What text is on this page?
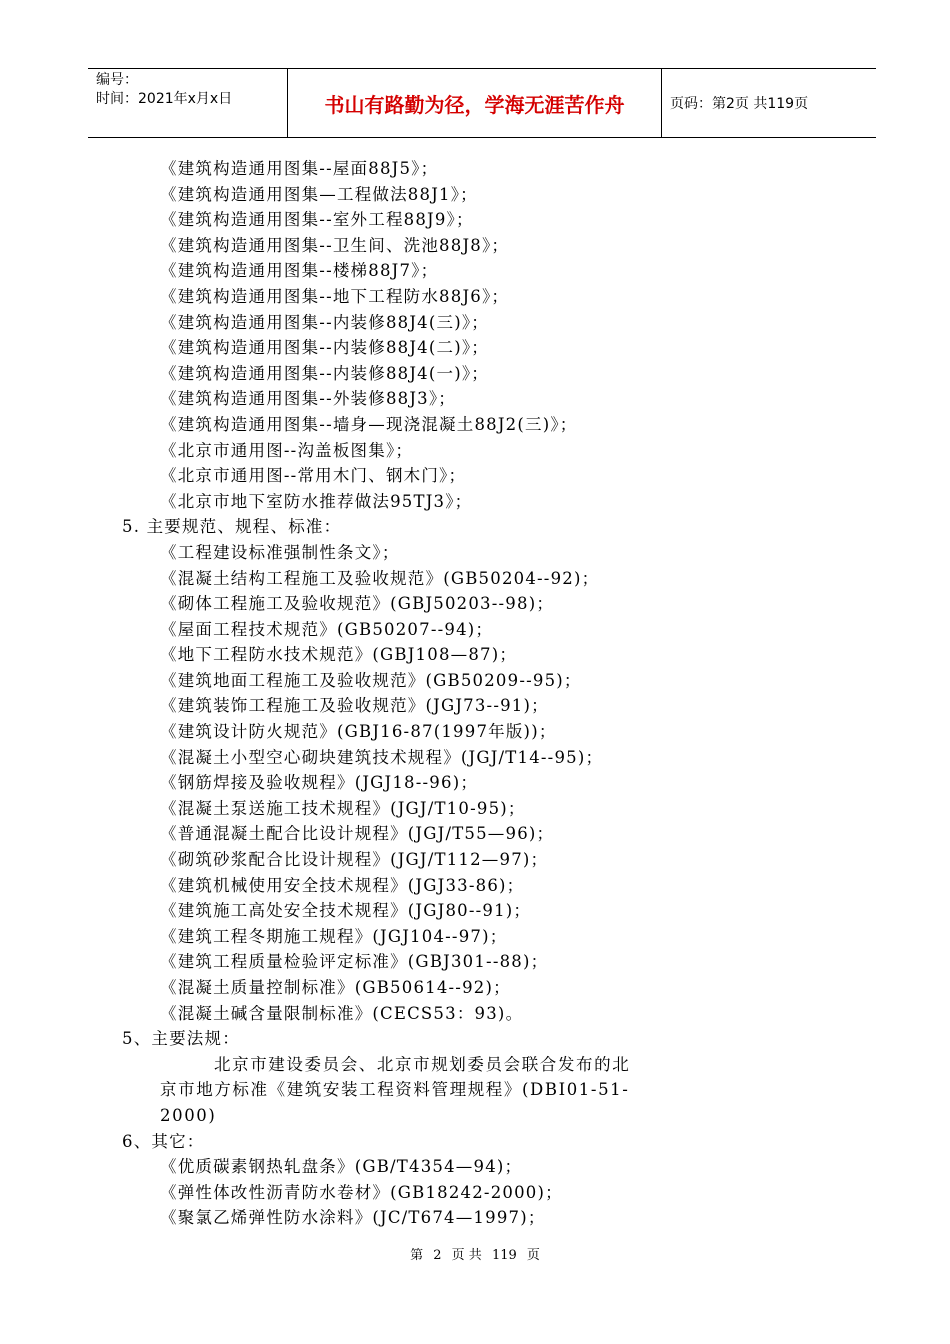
编号：
时间：2021年x月x日	书山有路勤为径，学海无涯苦作舟	页码：第2页 共119页
《建筑构造通用图集--屋面88J5》；
《建筑构造通用图集—工程做法88J1》；
《建筑构造通用图集--室外工程88J9》；
《建筑构造通用图集--卫生间、洗池88J8》；
《建筑构造通用图集--楼梯88J7》；
《建筑构造通用图集--地下工程防水88J6》；
《建筑构造通用图集--内装修88J4(三)》；
《建筑构造通用图集--内装修88J4(二)》；
《建筑构造通用图集--内装修88J4(一)》；
《建筑构造通用图集--外装修88J3》；
《建筑构造通用图集--墙身—现浇混凝土88J2(三)》；
《北京市通用图--沟盖板图集》；
《北京市通用图--常用木门、钢木门》；
《北京市地下室防水推荐做法95TJ3》；
5. 主要规范、规程、标准：
《工程建设标准强制性条文》；
《混凝土结构工程施工及验收规范》(GB50204--92)；
《砌体工程施工及验收规范》(GBJ50203--98)；
《屋面工程技术规范》(GB50207--94)；
《地下工程防水技术规范》(GBJ108—87)；
《建筑地面工程施工及验收规范》(GB50209--95)；
《建筑装饰工程施工及验收规范》(JGJ73--91)；
《建筑设计防火规范》(GBJ16-87(1997年版))；
《混凝土小型空心砌块建筑技术规程》(JGJ/T14--95)；
《钢筋焊接及验收规程》(JGJ18--96)；
《混凝土泵送施工技术规程》(JGJ/T10-95)；
《普通混凝土配合比设计规程》(JGJ/T55—96)；
《砌筑砂浆配合比设计规程》(JGJ/T112—97)；
《建筑机械使用安全技术规程》(JGJ33-86)；
《建筑施工高处安全技术规程》(JGJ80--91)；
《建筑工程冬期施工规程》(JGJ104--97)；
《建筑工程质量检验评定标准》(GBJ301--88)；
《混凝土质量控制标准》(GB50614--92)；
《混凝土碱含量限制标准》(CECS53：93)。
5、主要法规：
北京市建设委员会、北京市规划委员会联合发布的北
京市地方标准《建筑安装工程资料管理规程》(DBI01-51-
2000)
6、其它：
《优质碳素钢热轧盘条》(GB/T4354—94)；
《弹性体改性沥青防水卷材》(GB18242-2000)；
《聚氯乙烯弹性防水涂料》(JC/T674—1997)；
第 2 页 共 119 页
